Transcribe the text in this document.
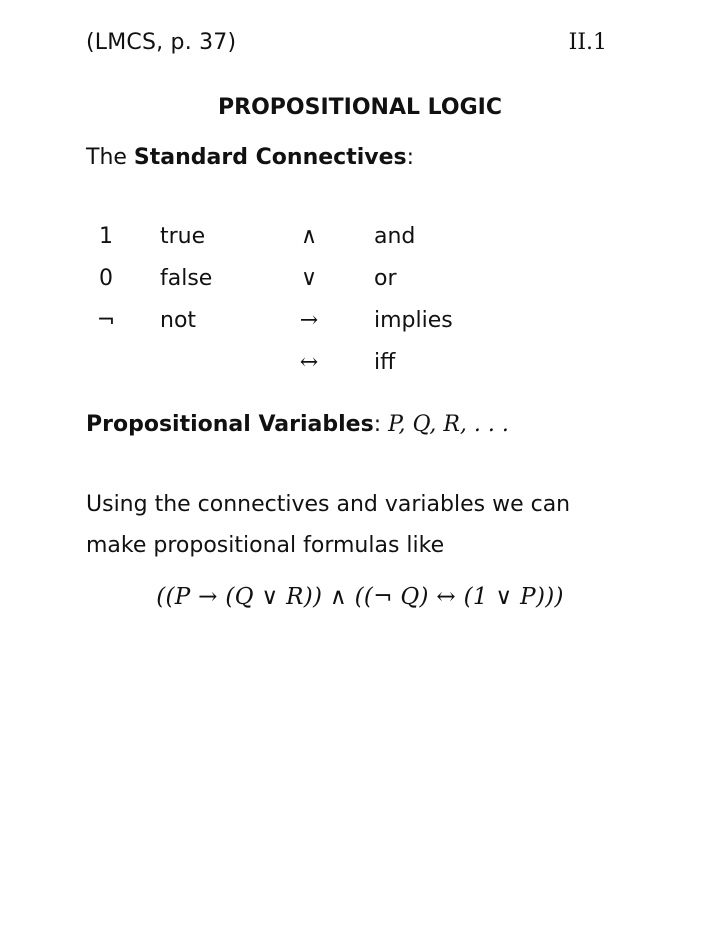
(LMCS, p. 37)	II.1
PROPOSITIONAL LOGIC
The Standard Connectives:
1	true	∧	and
0	false	∨	or
¬	not	→	implies
		↔	iff
Propositional Variables: P, Q, R, . . .
Using the connectives and variables we can
make propositional formulas like
((P → (Q ∨ R)) ∧ ((¬ Q) ↔ (1 ∨ P)))
